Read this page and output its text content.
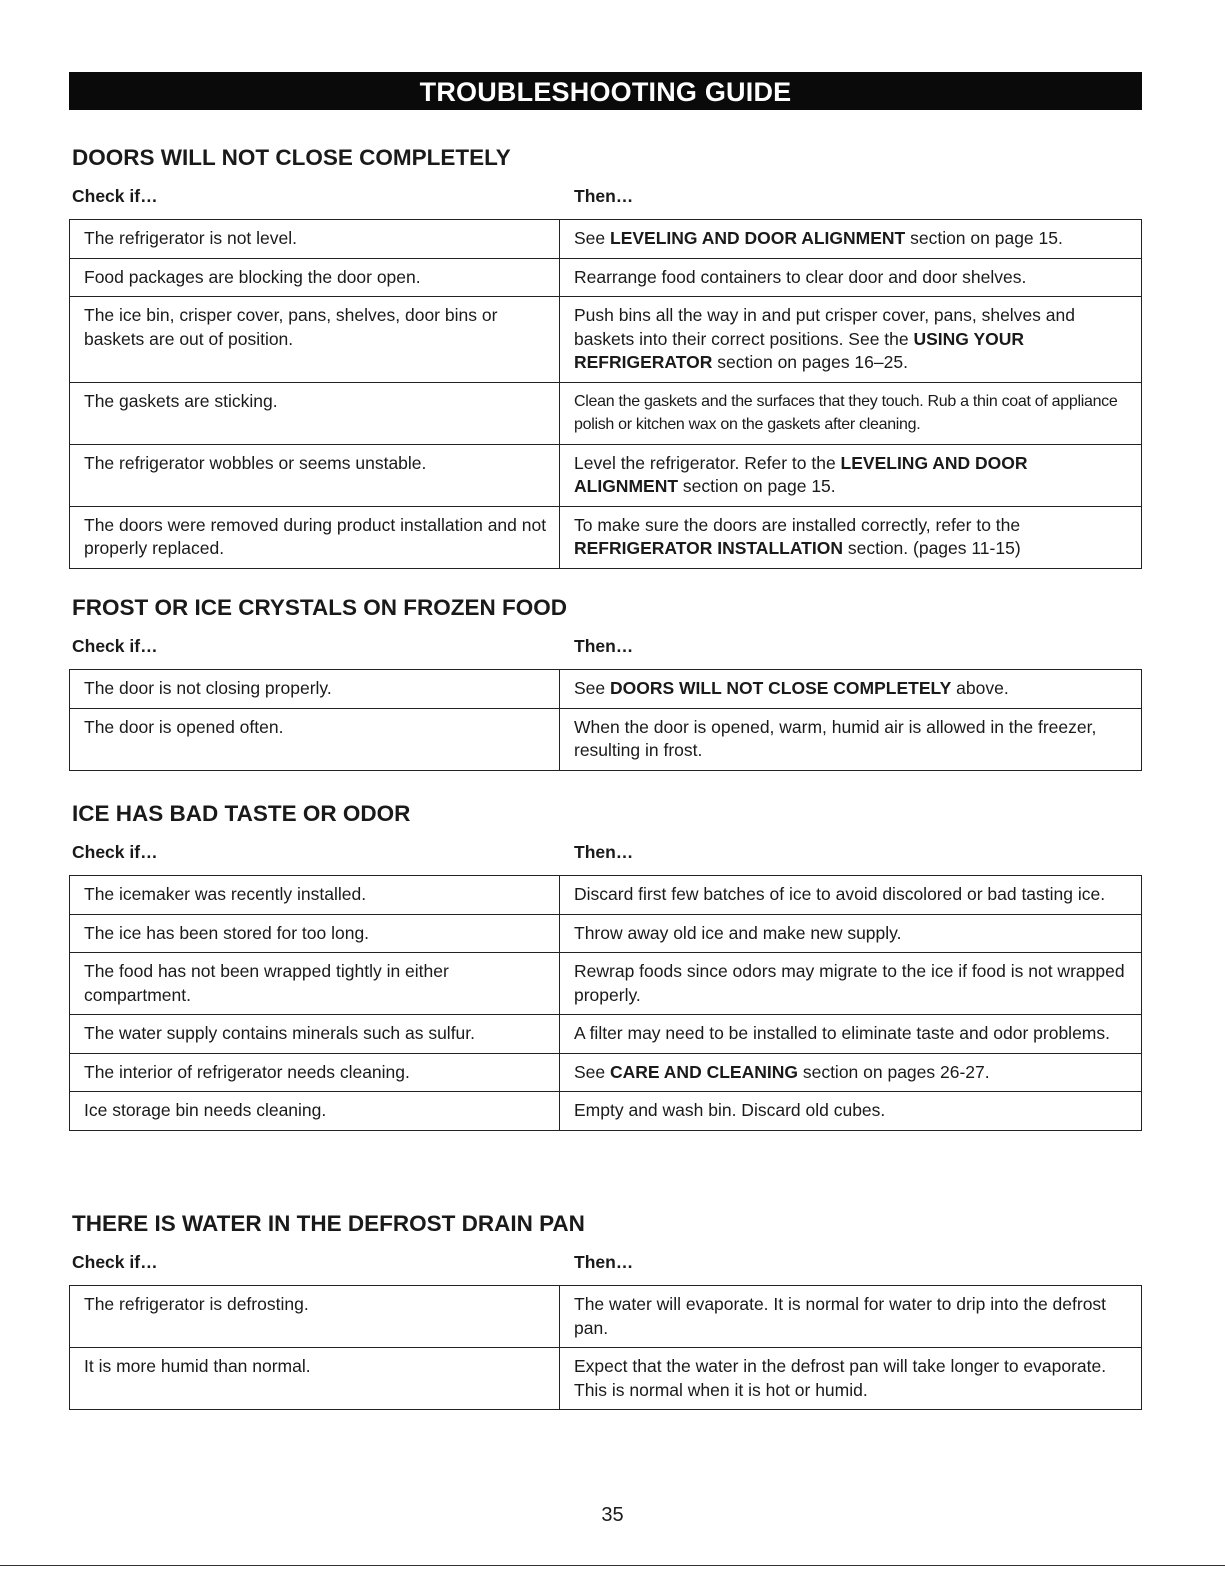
TROUBLESHOOTING GUIDE
DOORS WILL NOT CLOSE COMPLETELY
Check if…	Then…
The refrigerator is not level.	See LEVELING AND DOOR ALIGNMENT section on page 15.
Food packages are blocking the door open.	Rearrange food containers to clear door and door shelves.
The ice bin, crisper cover, pans, shelves, door bins or baskets are out of position.	Push bins all the way in and put crisper cover, pans, shelves and baskets into their correct positions. See the USING YOUR REFRIGERATOR section on pages 16–25.
The gaskets are sticking.	Clean the gaskets and the surfaces that they touch. Rub a thin coat of appliance polish or kitchen wax on the gaskets after cleaning.
The refrigerator wobbles or seems unstable.	Level the refrigerator. Refer to the LEVELING AND DOOR ALIGNMENT section on page 15.
The doors were removed during product installation and not properly replaced.	To make sure the doors are installed correctly, refer to the REFRIGERATOR INSTALLATION section. (pages 11-15)
FROST OR ICE CRYSTALS ON FROZEN FOOD
Check if…	Then…
The door is not closing properly.	See DOORS WILL NOT CLOSE COMPLETELY above.
The door is opened often.	When the door is opened, warm, humid air is allowed in the freezer, resulting in frost.
ICE HAS BAD TASTE OR ODOR
Check if…	Then…
The icemaker was recently installed.	Discard first few batches of ice to avoid discolored or bad tasting ice.
The ice has been stored for too long.	Throw away old ice and make new supply.
The food has not been wrapped tightly in either compartment.	Rewrap foods since odors may migrate to the ice if food is not wrapped properly.
The water supply contains minerals such as sulfur.	A filter may need to be installed to eliminate taste and odor problems.
The interior of refrigerator needs cleaning.	See CARE AND CLEANING section on pages 26-27.
Ice storage bin needs cleaning.	Empty and wash bin. Discard old cubes.
THERE IS WATER IN THE DEFROST DRAIN PAN
Check if…	Then…
The refrigerator is defrosting.	The water will evaporate. It is normal for water to drip into the defrost pan.
It is more humid than normal.	Expect that the water in the defrost pan will take longer to evaporate. This is normal when it is hot or humid.
35
